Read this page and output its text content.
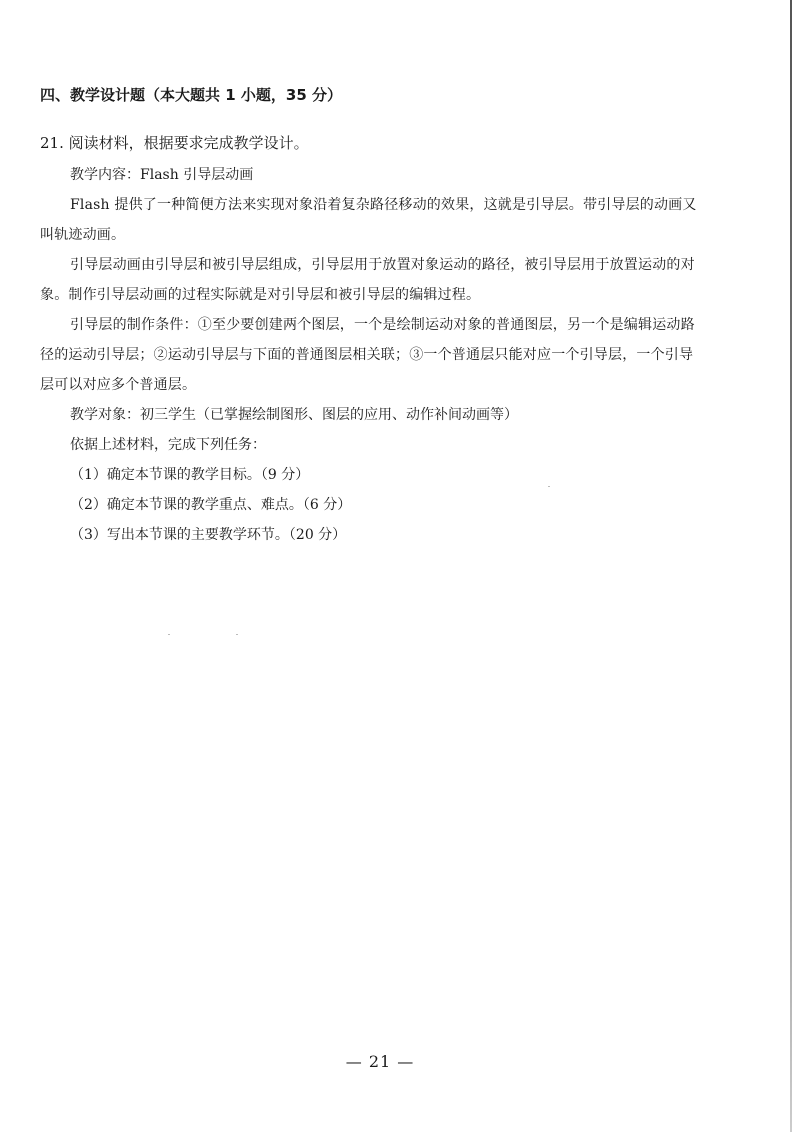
四、教学设计题（本大题共 1 小题，35 分）
21. 阅读材料，根据要求完成教学设计。

教学内容：Flash 引导层动画

Flash 提供了一种简便方法来实现对象沿着复杂路径移动的效果，这就是引导层。带引导层的动画又叫轨迹动画。

引导层动画由引导层和被引导层组成，引导层用于放置对象运动的路径，被引导层用于放置运动的对象。制作引导层动画的过程实际就是对引导层和被引导层的编辑过程。

引导层的制作条件：①至少要创建两个图层，一个是绘制运动对象的普通图层，另一个是编辑运动路径的运动引导层；②运动引导层与下面的普通图层相关联；③一个普通层只能对应一个引导层，一个引导层可以对应多个普通层。

教学对象：初三学生（已掌握绘制图形、图层的应用、动作补间动画等）

依据上述材料，完成下列任务：

（1）确定本节课的教学目标。（9 分）

（2）确定本节课的教学重点、难点。（6 分）

（3）写出本节课的主要教学环节。（20 分）

— 21 —
